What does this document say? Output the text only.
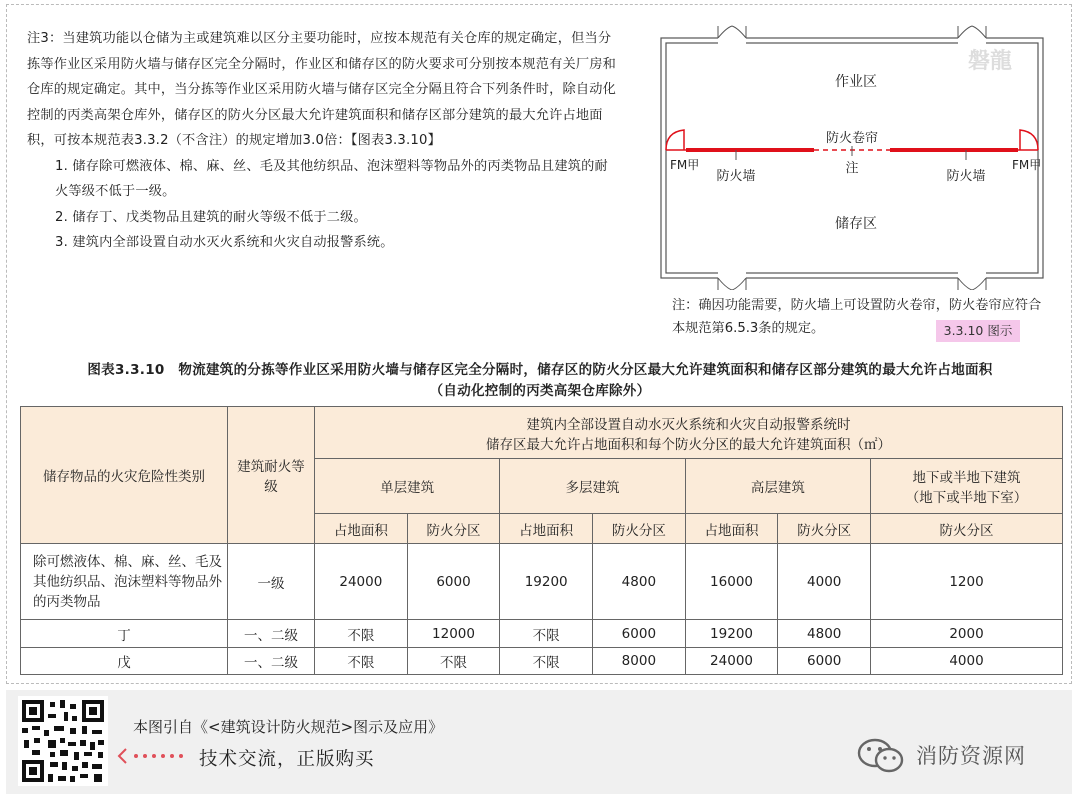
注3：当建筑功能以仓储为主或建筑难以区分主要功能时，应按本规范有关仓库的规定确定，但当分拣等作业区采用防火墙与储存区完全分隔时，作业区和储存区的防火要求可分别按本规范有关厂房和仓库的规定确定。其中，当分拣等作业区采用防火墙与储存区完全分隔且符合下列条件时，除自动化控制的丙类高架仓库外，储存区的防火分区最大允许建筑面积和储存区部分建筑的最大允许占地面积，可按本规范表3.3.2（不含注）的规定增加3.0倍：【图表3.3.10】

1. 储存除可燃液体、棉、麻、丝、毛及其他纺织品、泡沫塑料等物品外的丙类物品且建筑的耐火等级不低于一级。

2. 储存丁、戊类物品且建筑的耐火等级不低于二级。

3. 建筑内全部设置自动水灭火系统和火灾自动报警系统。

磐龍
作业区
防火卷帘
注
防火墙	防火墙
FM甲	FM甲
储存区
注：确因功能需要，防火墙上可设置防火卷帘，防火卷帘应符合本规范第6.5.3条的规定。	3.3.10 图示
图表3.3.10　物流建筑的分拣等作业区采用防火墙与储存区完全分隔时，储存区的防火分区最大允许建筑面积和储存区部分建筑的最大允许占地面积
（自动化控制的丙类高架仓库除外）
储存物品的火灾危险性类别	建筑耐火等级	建筑内全部设置自动水灭火系统和火灾自动报警系统时
储存区最大允许占地面积和每个防火分区的最大允许建筑面积（㎡）						

		单层建筑		多层建筑		高层建筑		地下或半地下建筑
（地下或半地下室）

		占地面积	防火分区	占地面积	防火分区	占地面积	防火分区	防火分区
除可燃液体、棉、麻、丝、毛及其他纺织品、泡沫塑料等物品外的丙类物品	一级	24000	6000	19200	4800	16000	4000	1200
丁	一、二级	不限	12000	不限	6000	19200	4800	2000
戊	一、二级	不限	不限	不限	8000	24000	6000	4000
本图引自《<建筑设计防火规范>图示及应用》
技术交流，正版购买	消防资源网
